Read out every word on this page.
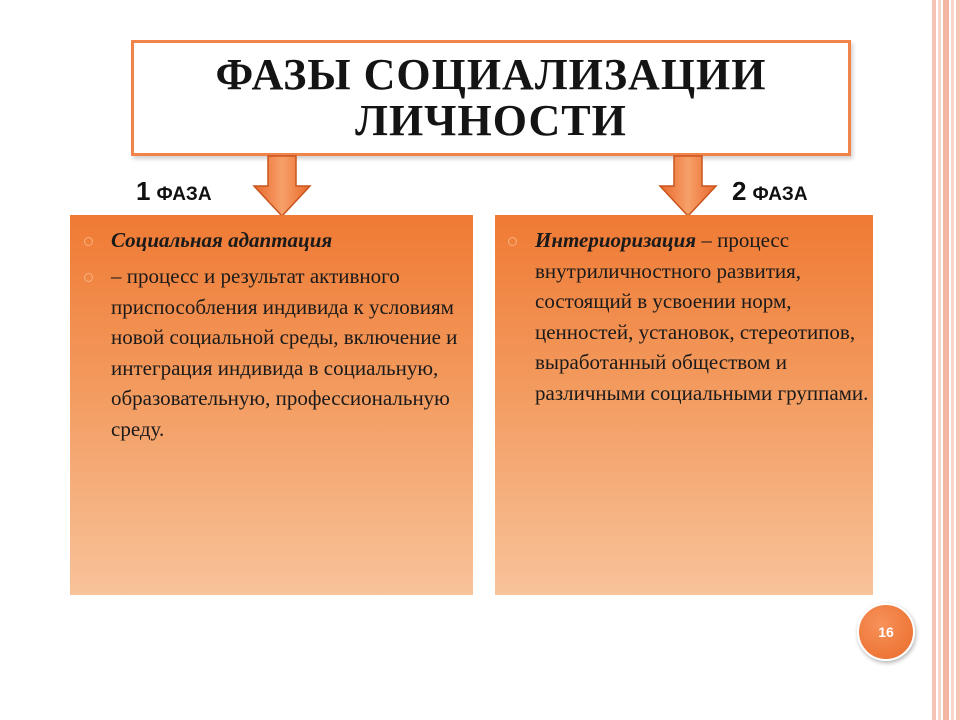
ФАЗЫ СОЦИАЛИЗАЦИИ
ЛИЧНОСТИ
1 ФАЗА	2 ФАЗА
Социальная адаптация
– процесс и результат активного приспособления индивида к условиям новой социальной среды, включение и интеграция индивида в социальную, образовательную, профессиональную среду.
Интериоризация – процесс внутриличностного развития, состоящий в усвоении норм, ценностей, установок, стереотипов, выработанный обществом и различными социальными группами.
16
